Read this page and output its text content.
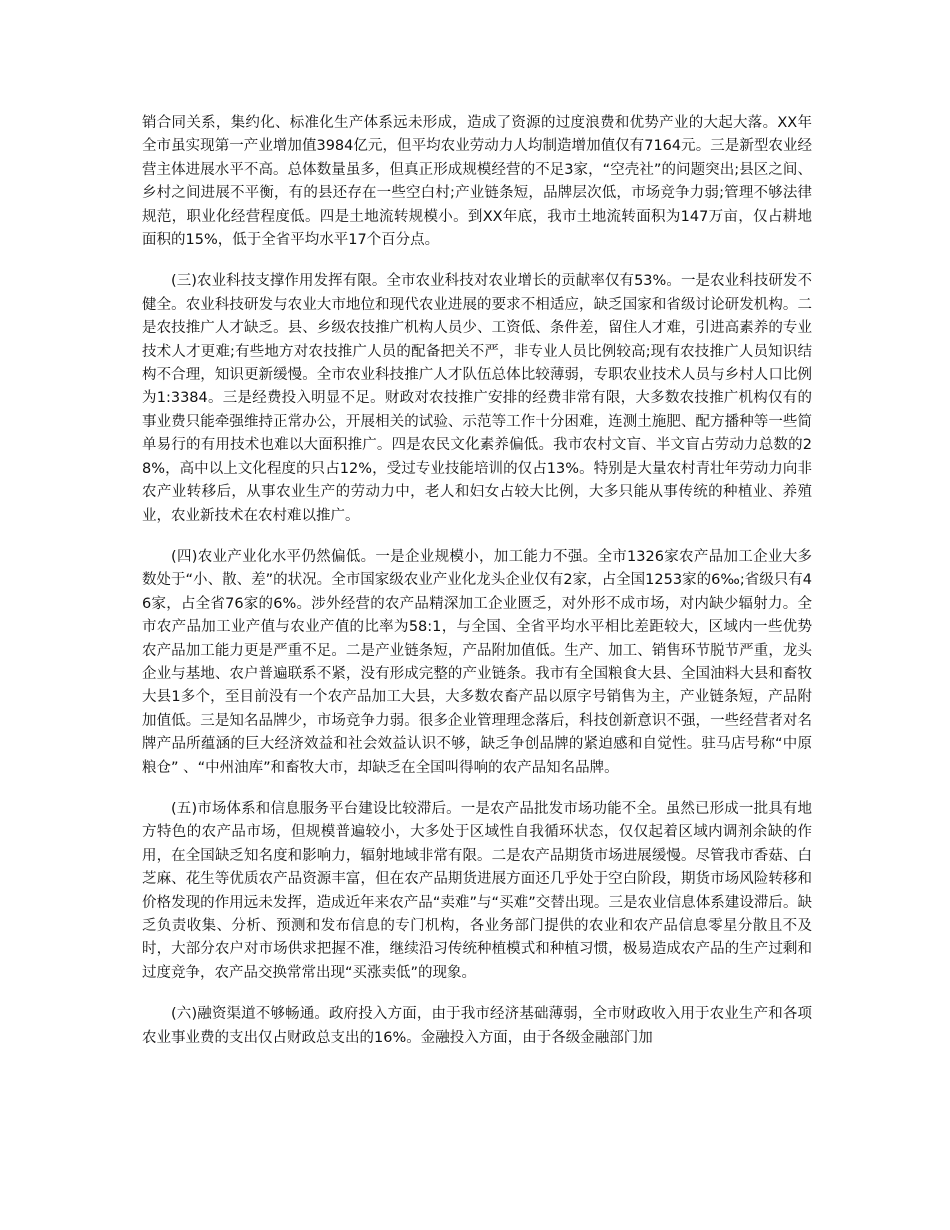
销合同关系，集约化、标准化生产体系远未形成，造成了资源的过度浪费和优势产业的大起大落。XX年全市虽实现第一产业增加值3984亿元，但平均农业劳动力人均制造增加值仅有7164元。三是新型农业经营主体进展水平不高。总体数量虽多，但真正形成规模经营的不足3家，“空壳社”的问题突出;县区之间、乡村之间进展不平衡，有的县还存在一些空白村;产业链条短，品牌层次低，市场竞争力弱;管理不够法律规范，职业化经营程度低。四是土地流转规模小。到XX年底，我市土地流转面积为147万亩，仅占耕地面积的15%，低于全省平均水平17个百分点。

(三)农业科技支撑作用发挥有限。全市农业科技对农业增长的贡献率仅有53%。一是农业科技研发不健全。农业科技研发与农业大市地位和现代农业进展的要求不相适应，缺乏国家和省级讨论研发机构。二是农技推广人才缺乏。县、乡级农技推广机构人员少、工资低、条件差，留住人才难，引进高素养的专业技术人才更难;有些地方对农技推广人员的配备把关不严，非专业人员比例较高;现有农技推广人员知识结构不合理，知识更新缓慢。全市农业科技推广人才队伍总体比较薄弱，专职农业技术人员与乡村人口比例为1:3384。三是经费投入明显不足。财政对农技推广安排的经费非常有限，大多数农技推广机构仅有的事业费只能牵强维持正常办公，开展相关的试验、示范等工作十分困难，连测土施肥、配方播种等一些简单易行的有用技术也难以大面积推广。四是农民文化素养偏低。我市农村文盲、半文盲占劳动力总数的28%，高中以上文化程度的只占12%，受过专业技能培训的仅占13%。特别是大量农村青壮年劳动力向非农产业转移后，从事农业生产的劳动力中，老人和妇女占较大比例，大多只能从事传统的种植业、养殖业，农业新技术在农村难以推广。

(四)农业产业化水平仍然偏低。一是企业规模小，加工能力不强。全市1326家农产品加工企业大多数处于“小、散、差”的状况。全市国家级农业产业化龙头企业仅有2家，占全国1253家的6‰;省级只有46家，占全省76家的6%。涉外经营的农产品精深加工企业匮乏，对外形不成市场，对内缺少辐射力。全市农产品加工业产值与农业产值的比率为58:1，与全国、全省平均水平相比差距较大，区域内一些优势农产品加工能力更是严重不足。二是产业链条短，产品附加值低。生产、加工、销售环节脱节严重，龙头企业与基地、农户普遍联系不紧，没有形成完整的产业链条。我市有全国粮食大县、全国油料大县和畜牧大县1多个，至目前没有一个农产品加工大县，大多数农畜产品以原字号销售为主，产业链条短，产品附加值低。三是知名品牌少，市场竞争力弱。很多企业管理理念落后，科技创新意识不强，一些经营者对名牌产品所蕴涵的巨大经济效益和社会效益认识不够，缺乏争创品牌的紧迫感和自觉性。驻马店号称“中原粮仓” 、“中州油库”和畜牧大市，却缺乏在全国叫得响的农产品知名品牌。

(五)市场体系和信息服务平台建设比较滞后。一是农产品批发市场功能不全。虽然已形成一批具有地方特色的农产品市场，但规模普遍较小，大多处于区域性自我循环状态，仅仅起着区域内调剂余缺的作用，在全国缺乏知名度和影响力，辐射地域非常有限。二是农产品期货市场进展缓慢。尽管我市香菇、白芝麻、花生等优质农产品资源丰富，但在农产品期货进展方面还几乎处于空白阶段，期货市场风险转移和价格发现的作用远未发挥，造成近年来农产品“卖难”与“买难”交替出现。三是农业信息体系建设滞后。缺乏负责收集、分析、预测和发布信息的专门机构，各业务部门提供的农业和农产品信息零星分散且不及时，大部分农户对市场供求把握不准，继续沿习传统种植模式和种植习惯，极易造成农产品的生产过剩和过度竞争，农产品交换常常出现“买涨卖低”的现象。

(六)融资渠道不够畅通。政府投入方面，由于我市经济基础薄弱，全市财政收入用于农业生产和各项农业事业费的支出仅占财政总支出的16%。金融投入方面，由于各级金融部门加
